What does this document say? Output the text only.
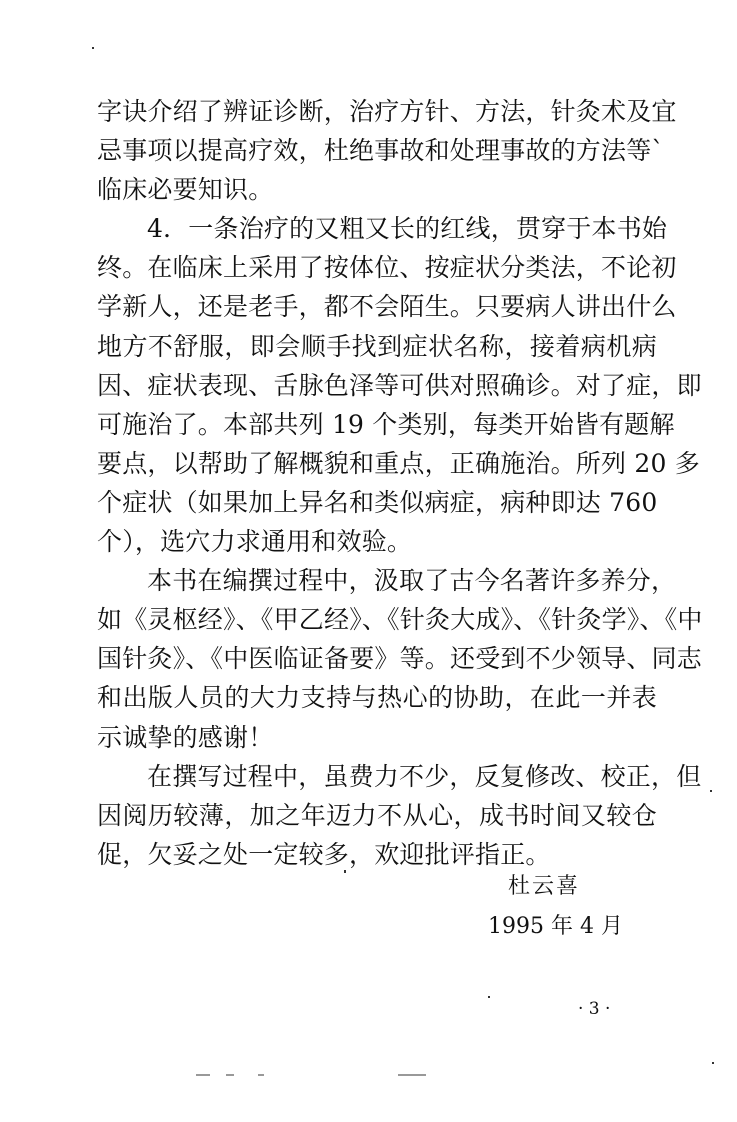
字诀介绍了辨证诊断，治疗方针、方法，针灸术及宜
忌事项以提高疗效，杜绝事故和处理事故的方法等`
临床必要知识。
4．一条治疗的又粗又长的红线，贯穿于本书始
终。在临床上采用了按体位、按症状分类法，不论初
学新人，还是老手，都不会陌生。只要病人讲出什么
地方不舒服，即会顺手找到症状名称，接着病机病
因、症状表现、舌脉色泽等可供对照确诊。对了症，即
可施治了。本部共列 19 个类别，每类开始皆有题解
要点，以帮助了解概貌和重点，正确施治。所列 20 多
个症状（如果加上异名和类似病症，病种即达 760
个），选穴力求通用和效验。
本书在编撰过程中，汲取了古今名著许多养分，
如《灵枢经》、《甲乙经》、《针灸大成》、《针灸学》、《中
国针灸》、《中医临证备要》等。还受到不少领导、同志
和出版人员的大力支持与热心的协助，在此一并表
示诚挚的感谢！
在撰写过程中，虽费力不少，反复修改、校正，但
因阅历较薄，加之年迈力不从心，成书时间又较仓
促，欠妥之处一定较多，欢迎批评指正。
杜云喜
1995 年 4 月
· 3 ·
